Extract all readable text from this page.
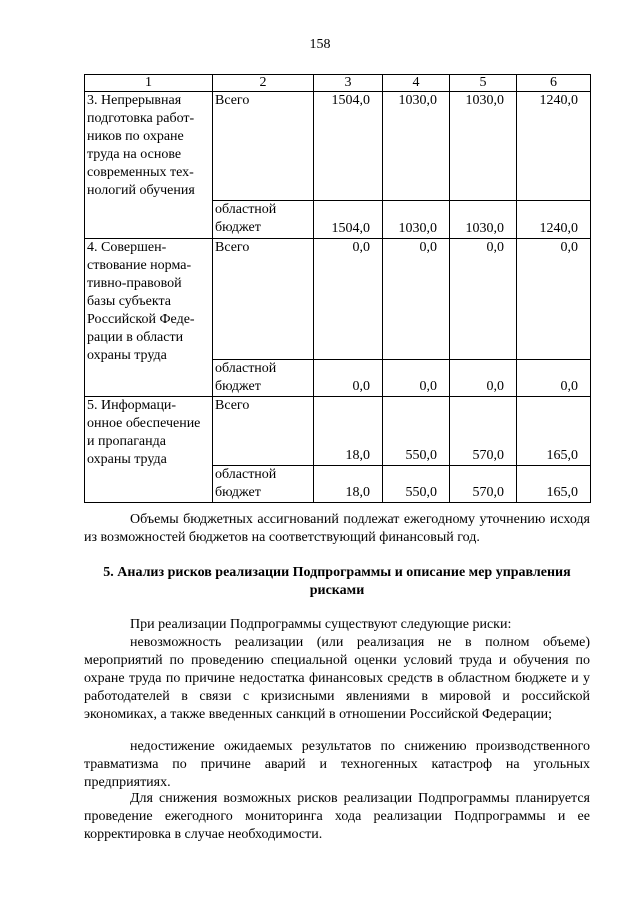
158
1	2	3	4	5	6
3. Непрерывная подготовка работ-
ников по охране труда на основе современных тех-
нологий обучения	Всего	1504,0	1030,0	1030,0	1240,0
	областной бюджет	1504,0	1030,0	1030,0	1240,0
4. Совершен-
ствование норма-
тивно-правовой базы субъекта Российской Феде-
рации в области охраны труда	Всего	0,0	0,0	0,0	0,0
	областной бюджет	0,0	0,0	0,0	0,0
5. Информаци-
онное обеспечение и пропаганда охраны труда	Всего	18,0	550,0	570,0	165,0
	областной бюджет	18,0	550,0	570,0	165,0
Объемы бюджетных ассигнований подлежат ежегодному уточнению исходя из возможностей бюджетов на соответствующий финансовый год.
5. Анализ рисков реализации Подпрограммы и описание мер управления рисками
При реализации Подпрограммы существуют следующие риски:
невозможность реализации (или реализация не в полном объеме) мероприятий по проведению специальной оценки условий труда и обучения по охране труда по причине недостатка финансовых средств в областном бюджете и у работодателей в связи с кризисными явлениями в мировой и российской экономиках, а также введенных санкций в отношении Российской Федерации;
недостижение ожидаемых результатов по снижению производственного травматизма по причине аварий и техногенных катастроф на угольных предприятиях.
Для снижения возможных рисков реализации Подпрограммы планируется проведение ежегодного мониторинга хода реализации Подпрограммы и ее корректировка в случае необходимости.
